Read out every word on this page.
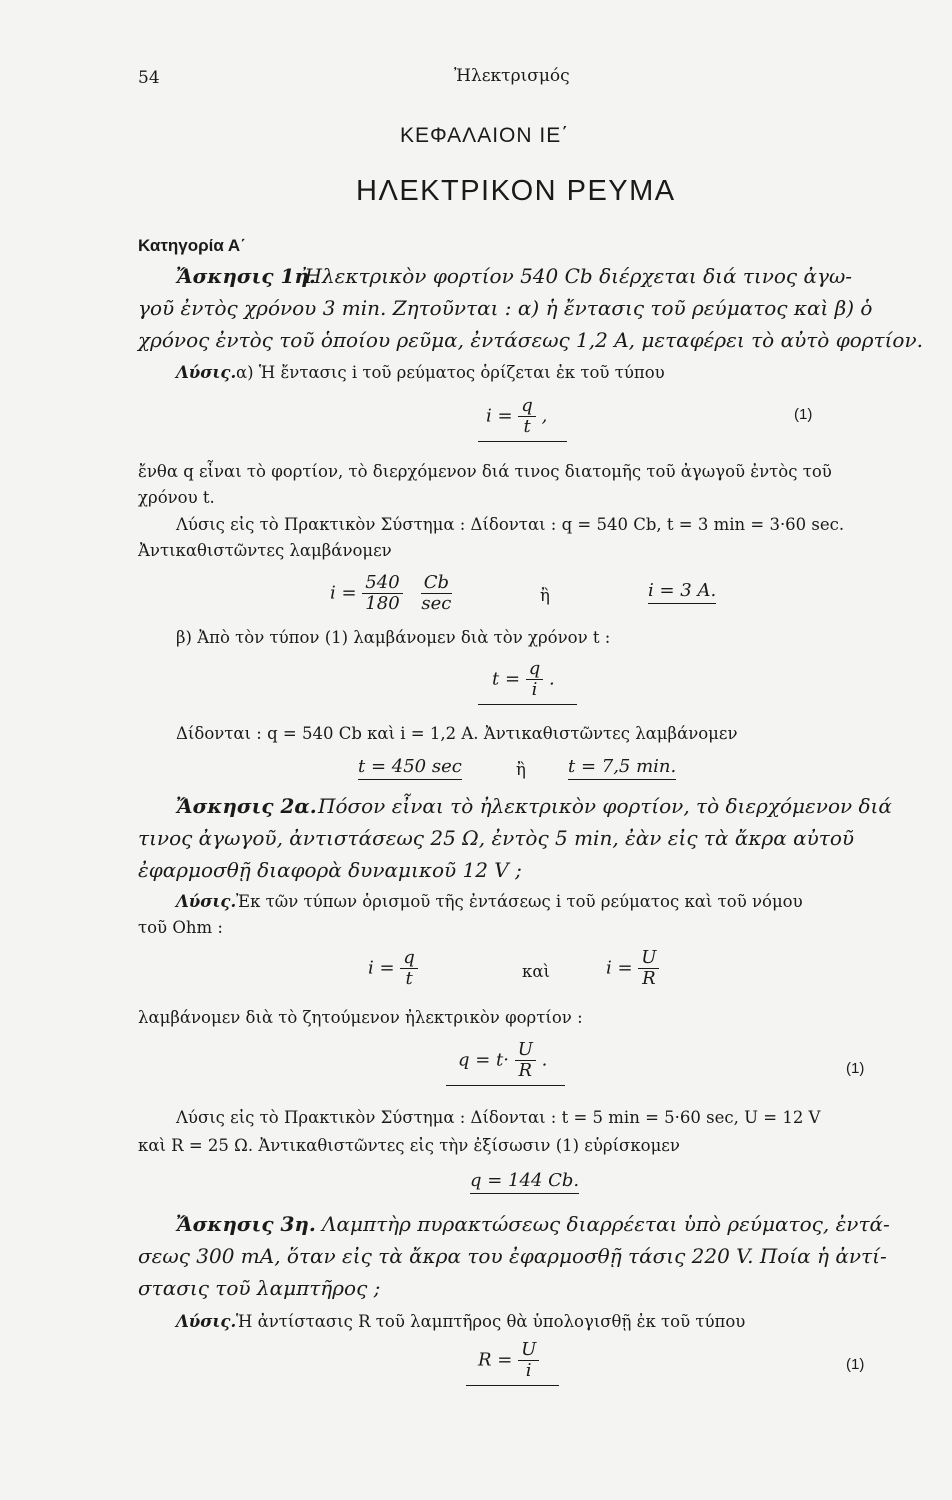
54	Ἠλεκτρισμός
ΚΕΦΑΛΑΙΟΝ ΙΕ΄
ΗΛΕΚΤΡΙΚΟΝ ΡΕΥΜΑ
Κατηγορία Α΄
Ἄσκησις 1η.
Ἠλεκτρικὸν φορτίον 540 Cb διέρχεται διά τινος ἀγω-
γοῦ ἐντὸς χρόνου 3 min. Ζητοῦνται : α) ἡ ἔντασις τοῦ ρεύματος καὶ β) ὁ
χρόνος ἐντὸς τοῦ ὁποίου ρεῦμα, ἐντάσεως 1,2 A, μεταφέρει τὸ αὐτὸ φορτίον.
Λύσις. α) Ἡ ἔντασις i τοῦ ρεύματος ὁρίζεται ἐκ τοῦ τύπου
$i = \frac{q}{t}$ ,	(1)
ἔνθα q εἶναι τὸ φορτίον, τὸ διερχόμενον διά τινος διατομῆς τοῦ ἀγωγοῦ ἐντὸς τοῦ
χρόνου t.
Λύσις εἰς τὸ Πρακτικὸν Σύστημα : Δίδονται : q = 540 Cb, t = 3 min = 3·60 sec.
Ἀντικαθιστῶντες λαμβάνομεν
$i = \frac{540}{180}$
$\frac{Cb}{\sec}$	ἢ	i = 3 A.
β) Ἀπὸ τὸν τύπον (1) λαμβάνομεν διὰ τὸν χρόνον t :
$t = \frac{q}{i}$ .
Δίδονται : q = 540 Cb καὶ i = 1,2 A. Ἀντικαθιστῶντες λαμβάνομεν
t = 450 sec	ἢ t = 7,5 min.
Ἄσκησις 2α. Πόσον εἶναι τὸ ἠλεκτρικὸν φορτίον, τὸ διερχόμενον διά
τινος ἀγωγοῦ, ἀντιστάσεως 25 Ω, ἐντὸς 5 min, ἐὰν εἰς τὰ ἄκρα αὐτοῦ
ἐφαρμοσθῇ διαφορὰ δυναμικοῦ 12 V ;
Λύσις. Ἐκ τῶν τύπων ὁρισμοῦ τῆς ἐντάσεως i τοῦ ρεύματος καὶ τοῦ νόμου
τοῦ Ohm :
$i = \frac{q}{t}$	καὶ	$i = \frac{U}{R}$
λαμβάνομεν διὰ τὸ ζητούμενον ἠλεκτρικὸν φορτίον :
$q = t\cdot \frac{U}{R}$ .	(1)
Λύσις εἰς τὸ Πρακτικὸν Σύστημα : Δίδονται : t = 5 min = 5·60 sec, U = 12 V
καὶ R = 25 Ω. Ἀντικαθιστῶντες εἰς τὴν ἐξίσωσιν (1) εὑρίσκομεν
q = 144 Cb.
Ἄσκησις 3η. Λαμπτὴρ πυρακτώσεως διαρρέεται ὑπὸ ρεύματος, ἐντά-
σεως 300 mA, ὅταν εἰς τὰ ἄκρα του ἐφαρμοσθῇ τάσις 220 V. Ποία ἡ ἀντί-
στασις τοῦ λαμπτῆρος ;
Λύσις. Ἡ ἀντίστασις R τοῦ λαμπτῆρος θὰ ὑπολογισθῇ ἐκ τοῦ τύπου
$R = \frac{U}{i}$	(1)
